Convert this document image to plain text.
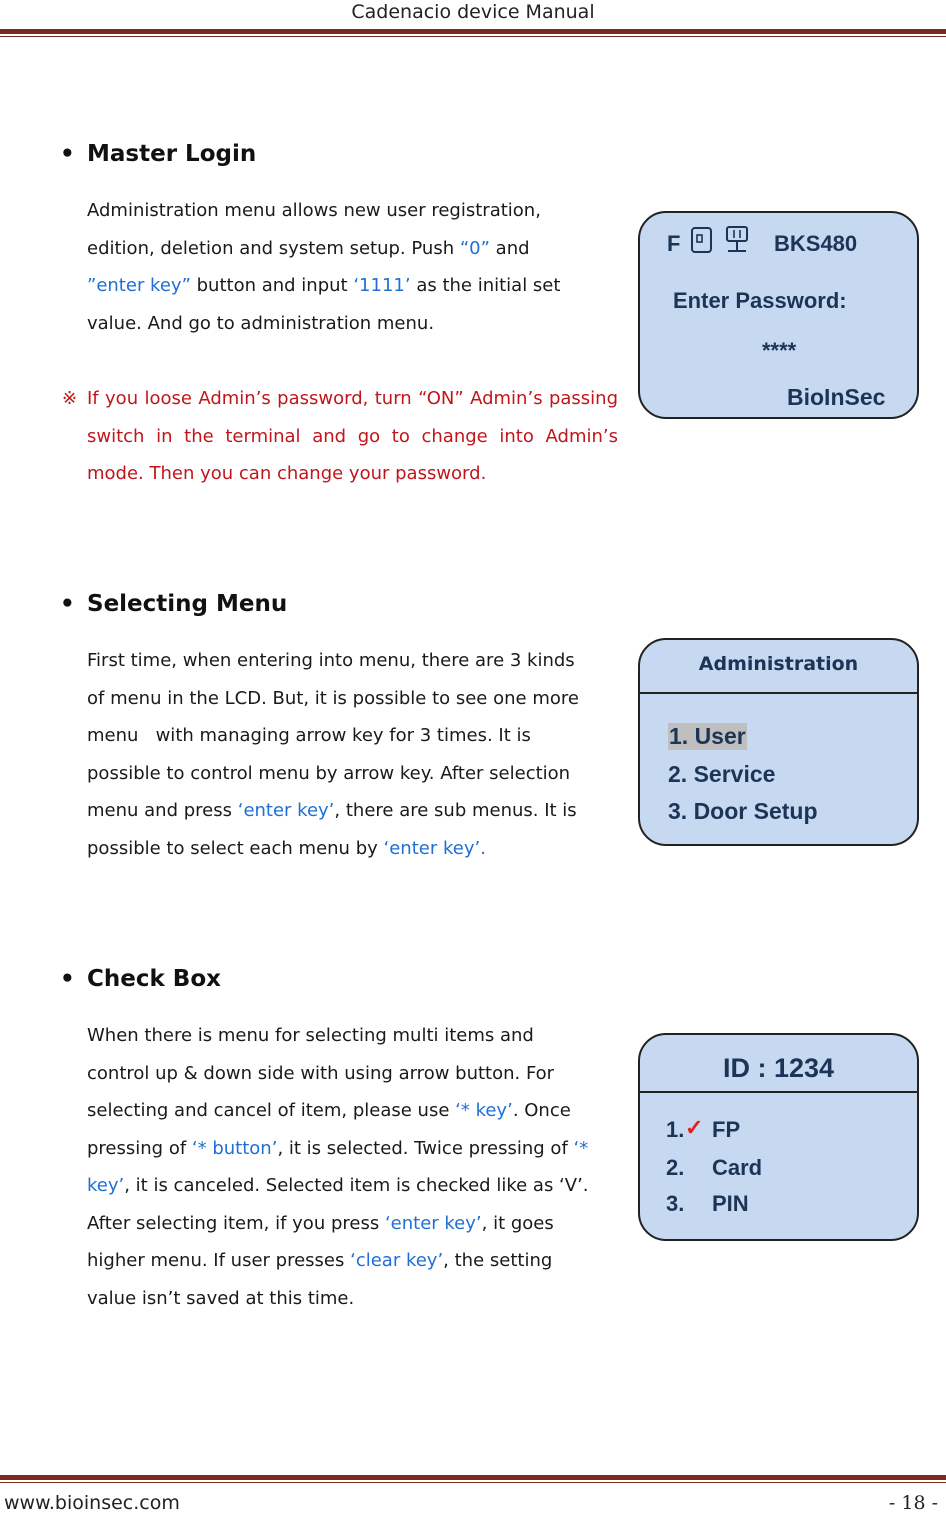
Cadenacio device Manual
• Master Login
Administration menu allows new user registration,
edition, deletion and system setup. Push “0” and
”enter key” button and input ‘1111’ as the initial set
value. And go to administration menu.
※ If you loose Admin’s password, turn “ON” Admin’s passing switch in the terminal and go to change into Admin’s mode. Then you can change your password.
F	BKS480
Enter Password:
****
BioInSec
• Selecting Menu
First time, when entering into menu, there are 3 kinds
of menu in the LCD. But, it is possible to see one more
menu   with managing arrow key for 3 times. It is
possible to control menu by arrow key. After selection
menu and press ‘enter key’, there are sub menus. It is
possible to select each menu by ‘enter key’.
Administration
1. User
2. Service
3. Door Setup
• Check Box
When there is menu for selecting multi items and
control up & down side with using arrow button. For
selecting and cancel of item, please use ‘* key’. Once
pressing of ‘* button’, it is selected. Twice pressing of ‘*
key’, it is canceled. Selected item is checked like as ‘V’.
After selecting item, if you press ‘enter key’, it goes
higher menu. If user presses ‘clear key’, the setting
value isn’t saved at this time.
ID : 1234
1. ✓ FP
2. Card
3. PIN
www.bioinsec.com	- 18 -
